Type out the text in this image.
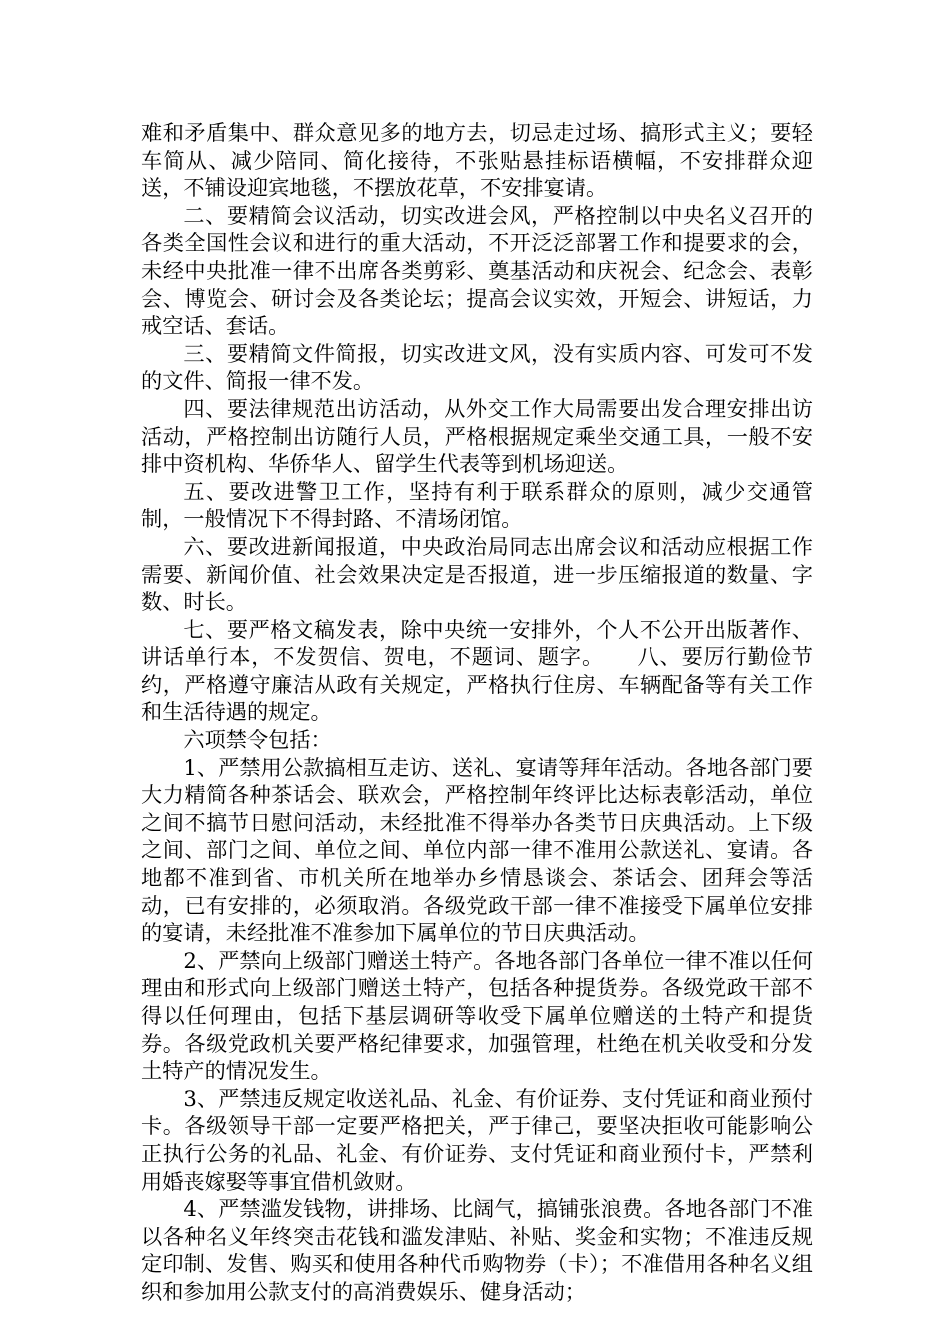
难和矛盾集中、群众意见多的地方去，切忌走过场、搞形式主义；要轻车简从、减少陪同、简化接待，不张贴悬挂标语横幅，不安排群众迎送，不铺设迎宾地毯，不摆放花草，不安排宴请。

二、要精简会议活动，切实改进会风，严格控制以中央名义召开的各类全国性会议和进行的重大活动，不开泛泛部署工作和提要求的会，未经中央批准一律不出席各类剪彩、奠基活动和庆祝会、纪念会、表彰会、博览会、研讨会及各类论坛；提高会议实效，开短会、讲短话，力戒空话、套话。

三、要精简文件简报，切实改进文风，没有实质内容、可发可不发的文件、简报一律不发。

四、要法律规范出访活动，从外交工作大局需要出发合理安排出访活动，严格控制出访随行人员，严格根据规定乘坐交通工具，一般不安排中资机构、华侨华人、留学生代表等到机场迎送。

五、要改进警卫工作，坚持有利于联系群众的原则，减少交通管制，一般情况下不得封路、不清场闭馆。

六、要改进新闻报道，中央政治局同志出席会议和活动应根据工作需要、新闻价值、社会效果决定是否报道，进一步压缩报道的数量、字数、时长。

七、要严格文稿发表，除中央统一安排外，个人不公开出版著作、讲话单行本，不发贺信、贺电，不题词、题字。　　八、要厉行勤俭节约，严格遵守廉洁从政有关规定，严格执行住房、车辆配备等有关工作和生活待遇的规定。

六项禁令包括：

1、严禁用公款搞相互走访、送礼、宴请等拜年活动。各地各部门要大力精简各种茶话会、联欢会，严格控制年终评比达标表彰活动，单位之间不搞节日慰问活动，未经批准不得举办各类节日庆典活动。上下级之间、部门之间、单位之间、单位内部一律不准用公款送礼、宴请。各地都不准到省、市机关所在地举办乡情恳谈会、茶话会、团拜会等活动，已有安排的，必须取消。各级党政干部一律不准接受下属单位安排的宴请，未经批准不准参加下属单位的节日庆典活动。

2、严禁向上级部门赠送土特产。各地各部门各单位一律不准以任何理由和形式向上级部门赠送土特产，包括各种提货券。各级党政干部不得以任何理由，包括下基层调研等收受下属单位赠送的土特产和提货券。各级党政机关要严格纪律要求，加强管理，杜绝在机关收受和分发土特产的情况发生。

3、严禁违反规定收送礼品、礼金、有价证券、支付凭证和商业预付卡。各级领导干部一定要严格把关，严于律己，要坚决拒收可能影响公正执行公务的礼品、礼金、有价证券、支付凭证和商业预付卡，严禁利用婚丧嫁娶等事宜借机敛财。

4、严禁滥发钱物，讲排场、比阔气，搞铺张浪费。各地各部门不准以各种名义年终突击花钱和滥发津贴、补贴、奖金和实物；不准违反规定印制、发售、购买和使用各种代币购物券（卡）；不准借用各种名义组织和参加用公款支付的高消费娱乐、健身活动；
